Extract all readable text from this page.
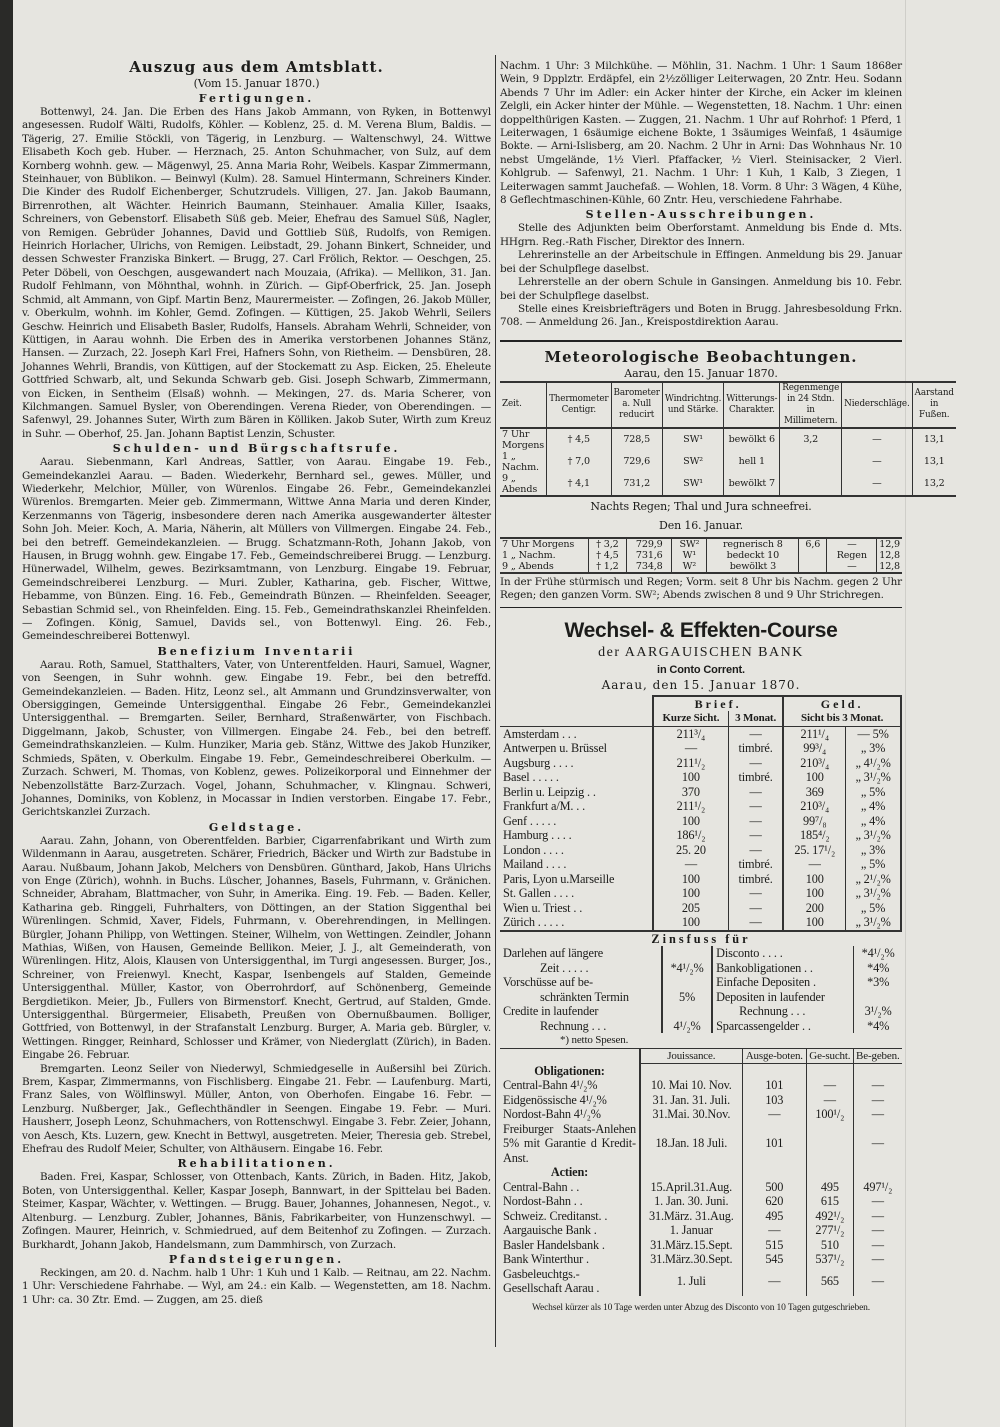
Auszug aus dem Amtsblatt.
(Vom 15. Januar 1870.)
Fertigungen.

Bottenwyl, 24. Jan. Die Erben des Hans Jakob Ammann, von Ryken, in Bottenwyl angesessen. Rudolf Wälti, Rudolfs, Köhler. — Koblenz, 25. d. M. Verena Blum, Baldis. — Tägerig, 27. Emilie Stöckli, von Tägerig, in Lenzburg. — Waltenschwyl, 24. Wittwe Elisabeth Koch geb. Huber. — Herznach, 25. Anton Schuhmacher, von Sulz, auf dem Kornberg wohnh. gew. — Mägenwyl, 25. Anna Maria Rohr, Weibels. Kaspar Zimmermann, Steinhauer, von Büblikon. — Beinwyl (Kulm). 28. Samuel Hintermann, Schreiners Kinder. Die Kinder des Rudolf Eichenberger, Schutzrudels. Villigen, 27. Jan. Jakob Baumann, Birrenrothen, alt Wächter. Heinrich Baumann, Steinhauer. Amalia Killer, Isaaks, Schreiners, von Gebenstorf. Elisabeth Süß geb. Meier, Ehefrau des Samuel Süß, Nagler, von Remigen. Gebrüder Johannes, David und Gottlieb Süß, Rudolfs, von Remigen. Heinrich Horlacher, Ulrichs, von Remigen. Leibstadt, 29. Johann Binkert, Schneider, und dessen Schwester Franziska Binkert. — Brugg, 27. Carl Frölich, Rektor. — Oeschgen, 25. Peter Döbeli, von Oeschgen, ausgewandert nach Mouzaia, (Afrika). — Mellikon, 31. Jan. Rudolf Fehlmann, von Möhnthal, wohnh. in Zürich. — Gipf-Oberfrick, 25. Jan. Joseph Schmid, alt Ammann, von Gipf. Martin Benz, Maurermeister. — Zofingen, 26. Jakob Müller, v. Oberkulm, wohnh. im Kohler, Gemd. Zofingen. — Küttigen, 25. Jakob Wehrli, Seilers Geschw. Heinrich und Elisabeth Basler, Rudolfs, Hansels. Abraham Wehrli, Schneider, von Küttigen, in Aarau wohnh. Die Erben des in Amerika verstorbenen Johannes Stänz, Hansen. — Zurzach, 22. Joseph Karl Frei, Hafners Sohn, von Rietheim. — Densbüren, 28. Johannes Wehrli, Brandis, von Küttigen, auf der Stockematt zu Asp. Eicken, 25. Eheleute Gottfried Schwarb, alt, und Sekunda Schwarb geb. Gisi. Joseph Schwarb, Zimmermann, von Eicken, in Sentheim (Elsaß) wohnh. — Mekingen, 27. ds. Maria Scherer, von Kilchmangen. Samuel Bysler, von Oberendingen. Verena Rieder, von Oberendingen. — Safenwyl, 29. Johannes Suter, Wirth zum Bären in Kölliken. Jakob Suter, Wirth zum Kreuz in Suhr. — Oberhof, 25. Jan. Johann Baptist Lenzin, Schuster.

Schulden- und Bürgschaftsrufe.

Aarau. Siebenmann, Karl Andreas, Sattler, von Aarau. Eingabe 19. Feb., Gemeindekanzlei Aarau. — Baden. Wiederkehr, Bernhard sel., gewes. Müller, und Wiederkehr, Melchior, Müller, von Würenlos. Eingabe 26. Febr., Gemeindekanzlei Würenlos. Bremgarten. Meier geb. Zimmermann, Wittwe Anna Maria und deren Kinder, Kerzenmanns von Tägerig, insbesondere deren nach Amerika ausgewanderter ältester Sohn Joh. Meier. Koch, A. Maria, Näherin, alt Müllers von Villmergen. Eingabe 24. Feb., bei den betreff. Gemeindekanzleien. — Brugg. Schatzmann-Roth, Johann Jakob, von Hausen, in Brugg wohnh. gew. Eingabe 17. Feb., Gemeindschreiberei Brugg. — Lenzburg. Hünerwadel, Wilhelm, gewes. Bezirksamtmann, von Lenzburg. Eingabe 19. Februar, Gemeindschreiberei Lenzburg. — Muri. Zubler, Katharina, geb. Fischer, Wittwe, Hebamme, von Bünzen. Eing. 16. Feb., Gemeindrath Bünzen. — Rheinfelden. Seeager, Sebastian Schmid sel., von Rheinfelden. Eing. 15. Feb., Gemeindrathskanzlei Rheinfelden. — Zofingen. König, Samuel, Davids sel., von Bottenwyl. Eing. 26. Feb., Gemeindeschreiberei Bottenwyl.

Benefizium Inventarii

Aarau. Roth, Samuel, Statthalters, Vater, von Unterentfelden. Hauri, Samuel, Wagner, von Seengen, in Suhr wohnh. gew. Eingabe 19. Febr., bei den betreffd. Gemeindekanzleien. — Baden. Hitz, Leonz sel., alt Ammann und Grundzinsverwalter, von Obersiggingen, Gemeinde Untersiggenthal. Eingabe 26 Febr., Gemeindekanzlei Untersiggenthal. — Bremgarten. Seiler, Bernhard, Straßenwärter, von Fischbach. Diggelmann, Jakob, Schuster, von Villmergen. Eingabe 24. Feb., bei den betreff. Gemeindrathskanzleien. — Kulm. Hunziker, Maria geb. Stänz, Wittwe des Jakob Hunziker, Schmieds, Späten, v. Oberkulm. Eingabe 19. Febr., Gemeindeschreiberei Oberkulm. — Zurzach. Schweri, M. Thomas, von Koblenz, gewes. Polizeikorporal und Einnehmer der Nebenzollstätte Barz-Zurzach. Vogel, Johann, Schuhmacher, v. Klingnau. Schweri, Johannes, Dominiks, von Koblenz, in Mocassar in Indien verstorben. Eingabe 17. Febr., Gerichtskanzlei Zurzach.

Geldstage.

Aarau. Zahn, Johann, von Oberentfelden. Barbier, Cigarrenfabrikant und Wirth zum Wildenmann in Aarau, ausgetreten. Schärer, Friedrich, Bäcker und Wirth zur Badstube in Aarau. Nußbaum, Johann Jakob, Melchers von Densbüren. Günthard, Jakob, Hans Ulrichs von Enge (Zürich), wohnh. in Buchs. Lüscher, Johannes, Basels, Fuhrmann, v. Gränichen. Schneider, Abraham, Blattmacher, von Suhr, in Amerika. Eing. 19. Feb. — Baden. Keller, Katharina geb. Ringgeli, Fuhrhalters, von Döttingen, an der Station Siggenthal bei Würenlingen. Schmid, Xaver, Fidels, Fuhrmann, v. Oberehrendingen, in Mellingen. Bürgler, Johann Philipp, von Wettingen. Steiner, Wilhelm, von Wettingen. Zeindler, Johann Mathias, Wißen, von Hausen, Gemeinde Bellikon. Meier, J. J., alt Gemeinderath, von Würenlingen. Hitz, Alois, Klausen von Untersiggenthal, im Turgi angesessen. Burger, Jos., Schreiner, von Freienwyl. Knecht, Kaspar, Isenbengels auf Stalden, Gemeinde Untersiggenthal. Müller, Kastor, von Oberrohrdorf, auf Schönenberg, Gemeinde Bergdietikon. Meier, Jb., Fullers von Birmenstorf. Knecht, Gertrud, auf Stalden, Gmde. Untersiggenthal. Bürgermeier, Elisabeth, Preußen von Obernußbaumen. Bolliger, Gottfried, von Bottenwyl, in der Strafanstalt Lenzburg. Burger, A. Maria geb. Bürgler, v. Wettingen. Ringger, Reinhard, Schlosser und Krämer, von Niederglatt (Zürich), in Baden. Eingabe 26. Februar.

Bremgarten. Leonz Seiler von Niederwyl, Schmiedgeselle in Außersihl bei Zürich. Brem, Kaspar, Zimmermanns, von Fischlisberg. Eingabe 21. Febr. — Laufenburg. Marti, Franz Sales, von Wölflinswyl. Müller, Anton, von Oberhofen. Eingabe 16. Febr. — Lenzburg. Nußberger, Jak., Geflechthändler in Seengen. Eingabe 19. Febr. — Muri. Hausherr, Joseph Leonz, Schuhmachers, von Rottenschwyl. Eingabe 3. Febr. Zeier, Johann, von Aesch, Kts. Luzern, gew. Knecht in Bettwyl, ausgetreten. Meier, Theresia geb. Strebel, Ehefrau des Rudolf Meier, Schulter, von Althäusern. Eingabe 16. Febr.

Rehabilitationen.

Baden. Frei, Kaspar, Schlosser, von Ottenbach, Kants. Zürich, in Baden. Hitz, Jakob, Boten, von Untersiggenthal. Keller, Kaspar Joseph, Bannwart, in der Spittelau bei Baden. Steimer, Kaspar, Wächter, v. Wettingen. — Brugg. Bauer, Johannes, Johannesen, Negot., v. Altenburg. — Lenzburg. Zubler, Johannes, Bänis, Fabrikarbeiter, von Hunzenschwyl. — Zofingen. Maurer, Heinrich, v. Schmiedrued, auf dem Beitenhof zu Zofingen. — Zurzach. Burkhardt, Johann Jakob, Handelsmann, zum Dammhirsch, von Zurzach.

Pfandsteigerungen.

Reckingen, am 20. d. Nachm. halb 1 Uhr: 1 Kuh und 1 Kalb. — Reitnau, am 22. Nachm. 1 Uhr: Verschiedene Fahrhabe. — Wyl, am 24.: ein Kalb. — Wegenstetten, am 18. Nachm. 1 Uhr: ca. 30 Ztr. Emd. — Zuggen, am 25. dieß

Nachm. 1 Uhr: 3 Milchkühe. — Möhlin, 31. Nachm. 1 Uhr: 1 Saum 1868er Wein, 9 Dpplztr. Erdäpfel, ein 2½zölliger Leiterwagen, 20 Zntr. Heu. Sodann Abends 7 Uhr im Adler: ein Acker hinter der Kirche, ein Acker im kleinen Zelgli, ein Acker hinter der Mühle. — Wegenstetten, 18. Nachm. 1 Uhr: einen doppelthürigen Kasten. — Zuggen, 21. Nachm. 1 Uhr auf Rohrhof: 1 Pferd, 1 Leiterwagen, 1 6säumige eichene Bokte, 1 3säumiges Weinfaß, 1 4säumige Bokte. — Arni-Islisberg, am 20. Nachm. 2 Uhr in Arni: Das Wohnhaus Nr. 10 nebst Umgelände, 1½ Vierl. Pfaffacker, ½ Vierl. Steinisacker, 2 Vierl. Kohlgrub. — Safenwyl, 21. Nachm. 1 Uhr: 1 Kuh, 1 Kalb, 3 Ziegen, 1 Leiterwagen sammt Jauchefaß. — Wohlen, 18. Vorm. 8 Uhr: 3 Wägen, 4 Kühe, 8 Geflechtmaschinen-Kühle, 60 Zntr. Heu, verschiedene Fahrhabe.

Stellen-Ausschreibungen.

Stelle des Adjunkten beim Oberforstamt. Anmeldung bis Ende d. Mts. HHgrn. Reg.-Rath Fischer, Direktor des Innern.

Lehrerinstelle an der Arbeitschule in Effingen. Anmeldung bis 29. Januar bei der Schulpflege daselbst.

Lehrerstelle an der obern Schule in Gansingen. Anmeldung bis 10. Febr. bei der Schulpflege daselbst.

Stelle eines Kreisbriefträgers und Boten in Brugg. Jahresbesoldung Frkn. 708. — Anmeldung 26. Jan., Kreispostdirektion Aarau.

Meteorologische Beobachtungen.
Aarau, den 15. Januar 1870.
Zeit.	Thermometer Centigr.	Barometer a. Null reducirt	Windrichtng. und Stärke.	Witterungs-Charakter.	Regenmenge in 24 Stdn. in Millimetern.	Niederschläge.	Aarstand in Fußen.
7 Uhr Morgens	† 4,5	728,5	SW¹	bewölkt 6	3,2	—	13,1
1 „ Nachm.	† 7,0	729,6	SW²	hell 1		—	13,1
9 „ Abends	† 4,1	731,2	SW¹	bewölkt 7		—	13,2
Nachts Regen; Thal und Jura schneefrei.
Den 16. Januar.
7 Uhr Morgens	† 3,2	729,9	SW²	regnerisch 8	6,6	—	12,9
1 „ Nachm.	† 4,5	731,6	W¹	bedeckt 10		Regen	12,8
9 „ Abends	† 1,2	734,8	W²	bewölkt 3		—	12,8

In der Frühe stürmisch und Regen; Vorm. seit 8 Uhr bis Nachm. gegen 2 Uhr Regen; den ganzen Vorm. SW²; Abends zwischen 8 und 9 Uhr Strichregen.

Wechsel- & Effekten-Course
der AARGAUISCHEN BANK
in Conto Corrent.
Aarau, den 15. Januar 1870.
	Brief.		Geld.	
	Kurze Sicht.	3 Monat.	Sicht bis 3 Monat.	
Amsterdam . . .	211³/₄	—	211¹/₄	— 5%
Antwerpen u. Brüssel	—	timbré.	99³/₄	„ 3%
Augsburg . . . .	211¹/₂	—	210³/₄	„ 4¹/₂%
Basel . . . . .	100	timbré.	100	„ 3¹/₂%
Berlin u. Leipzig . .	370	—	369	„ 5%
Frankfurt a/M. . .	211¹/₂	—	210³/₄	„ 4%
Genf . . . . .	100	—	99⁷/₈	„ 4%
Hamburg . . . .	186¹/₂	—	185⁴/₂	„ 3¹/₂%
London . . . .	25. 20	—	25. 17¹/₂	„ 3%
Mailand . . . .	—	timbré.	—	„ 5%
Paris, Lyon u.Marseille	100	timbré.	100	„ 2¹/₂%
St. Gallen . . . .	100	—	100	„ 3¹/₂%
Wien u. Triest . .	205	—	200	„ 5%
Zürich . . . . .	100	—	100	„ 3¹/₂%
Zinsfuss für
Darlehen auf längere		Disconto . . . .	*4¹/₂%
Zeit . . . . .	*4¹/₂%	Bankobligationen . .	*4%
Vorschüsse auf be-		Einfache Depositen .	*3%
schränkten Termin	5%	Depositen in laufender	
Credite in laufender		Rechnung . . .	3¹/₂%
Rechnung . . .	4¹/₂%	Sparcassengelder . .	*4%
*) netto Spesen.
	Jouissance.	Ausge-boten.	Ge-sucht.	Be-geben.
Obligationen:				
Central-Bahn 4¹/₂%	10. Mai 10. Nov.	101	—	—
Eidgenössische 4¹/₂%	31. Jan. 31. Juli.	103	—	—
Nordost-Bahn 4¹/₂%	31.Mai. 30.Nov.	—	100¹/₂	—
Freiburger Staats-Anlehen 5% mit Garantie d Kredit-Anst.	18.Jan. 18 Juli.	101		—
Actien:				
Central-Bahn . .	15.April.31.Aug.	500	495	497¹/₂
Nordost-Bahn . .	1. Jan. 30. Juni.	620	615	—
Schweiz. Creditanst. .	31.März. 31.Aug.	495	492¹/₂	—
Aargauische Bank .	1. Januar	—	277¹/₂	—
Basler Handelsbank .	31.März.15.Sept.	515	510	—
Bank Winterthur .	31.März.30.Sept.	545	537¹/₂	—
Gasbeleuchtgs.-Gesellschaft Aarau .	1. Juli	—	565	—
Wechsel kürzer als 10 Tage werden unter Abzug des Disconto von 10 Tagen gutgeschrieben.
